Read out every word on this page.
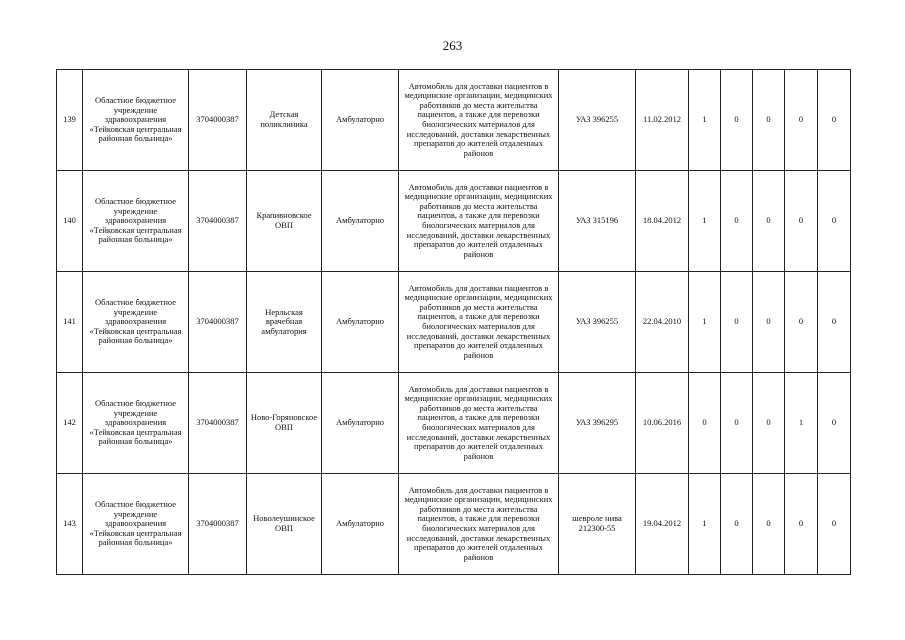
263
139	Областное бюджетное учреждение здравоохранения «Тейковская центральная районная больница»	3704000387	Детская поликлиника	Амбулаторно	Автомобиль для доставки пациентов в медицинские организации, медицинских работников до места жительства пациентов, а также для перевозки биологических материалов для исследований, доставки лекарственных препаратов до жителей отдаленных районов	УАЗ 396255	11.02.2012	1	0	0	0	0
140	Областное бюджетное учреждение здравоохранения «Тейковская центральная районная больница»	3704000387	Крапивновское ОВП	Амбулаторно	Автомобиль для доставки пациентов в медицинские организации, медицинских работников до места жительства пациентов, а также для перевозки биологических материалов для исследований, доставки лекарственных препаратов до жителей отдаленных районов	УАЗ 315196	18.04.2012	1	0	0	0	0
141	Областное бюджетное учреждение здравоохранения «Тейковская центральная районная больница»	3704000387	Нерльская врачебная амбулатория	Амбулаторно	Автомобиль для доставки пациентов в медицинские организации, медицинских работников до места жительства пациентов, а также для перевозки биологических материалов для исследований, доставки лекарственных препаратов до жителей отдаленных районов	УАЗ 396255	22.04.2010	1	0	0	0	0
142	Областное бюджетное учреждение здравоохранения «Тейковская центральная районная больница»	3704000387	Ново-Горяновское ОВП	Амбулаторно	Автомобиль для доставки пациентов в медицинские организации, медицинских работников до места жительства пациентов, а также для перевозки биологических материалов для исследований, доставки лекарственных препаратов до жителей отдаленных районов	УАЗ 396295	10.06.2016	0	0	0	1	0
143	Областное бюджетное учреждение здравоохранения «Тейковская центральная районная больница»	3704000387	Новолеушинское ОВП	Амбулаторно	Автомобиль для доставки пациентов в медицинские организации, медицинских работников до места жительства пациентов, а также для перевозки биологических материалов для исследований, доставки лекарственных препаратов до жителей отдаленных районов	шевроле нива 212300-55	19.04.2012	1	0	0	0	0
